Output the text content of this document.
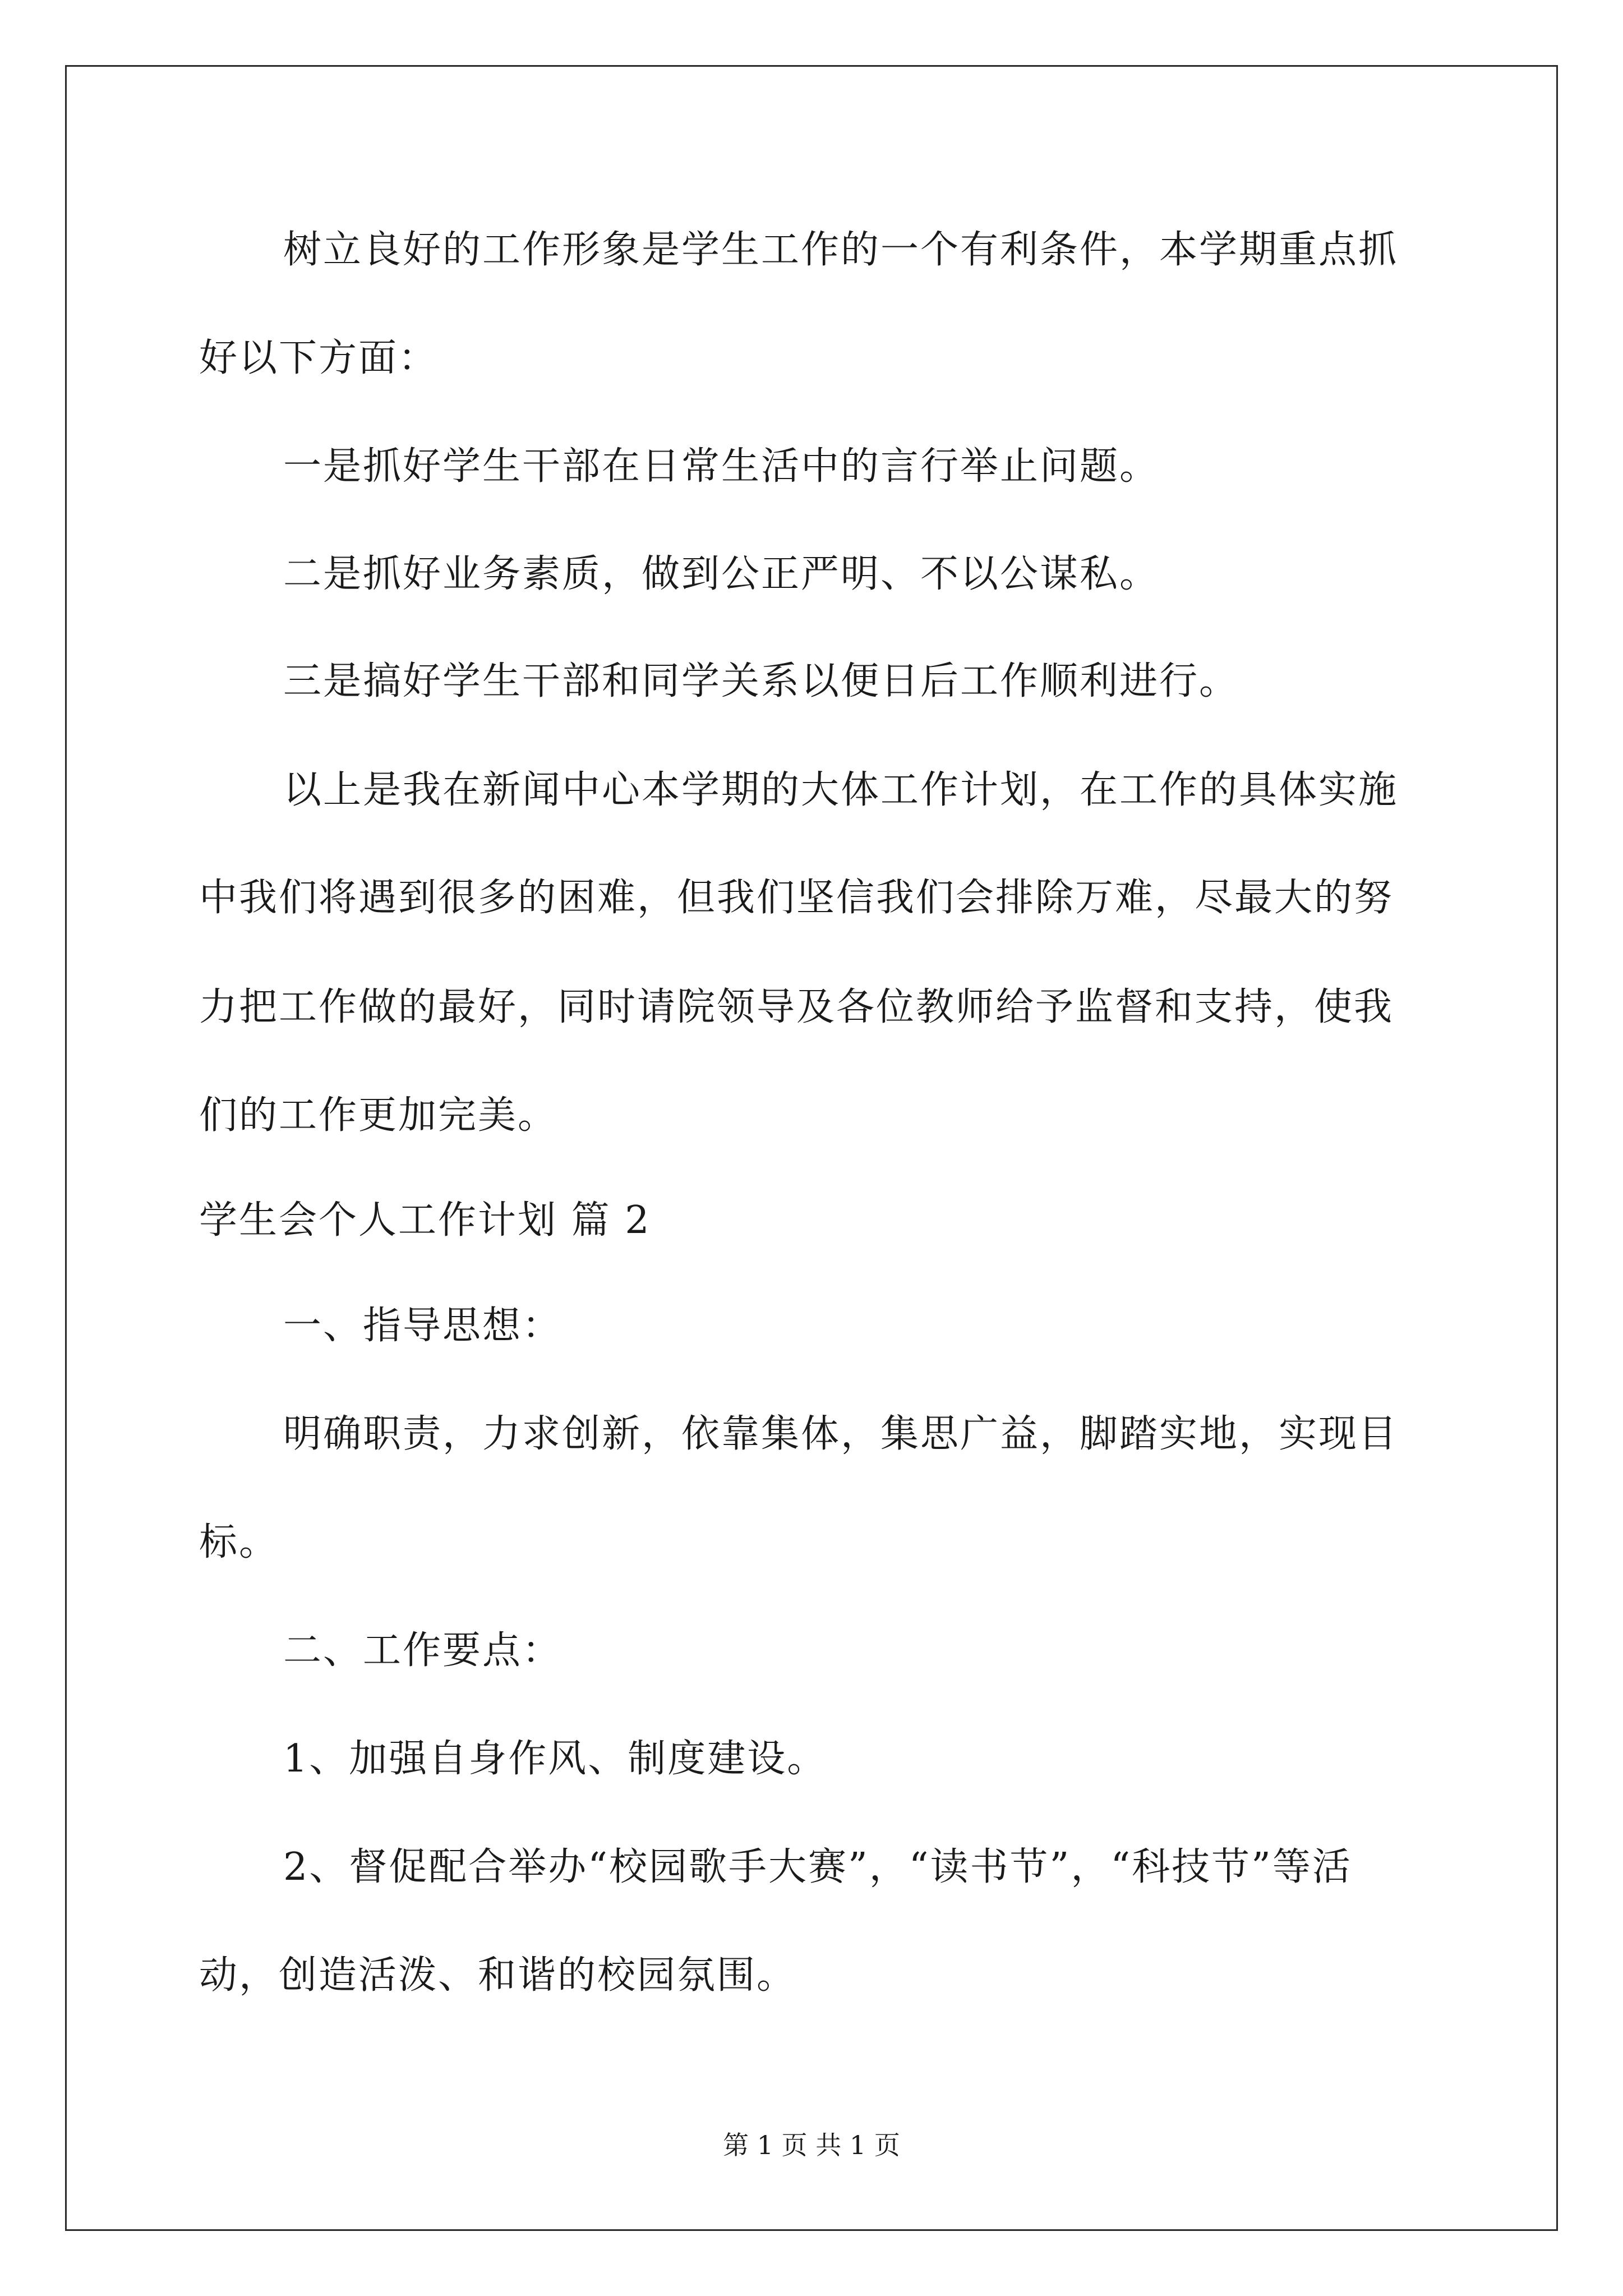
树立良好的工作形象是学生工作的一个有利条件，本学期重点抓
好以下方面：
一是抓好学生干部在日常生活中的言行举止问题。
二是抓好业务素质，做到公正严明、不以公谋私。
三是搞好学生干部和同学关系以便日后工作顺利进行。
以上是我在新闻中心本学期的大体工作计划，在工作的具体实施
中我们将遇到很多的困难，但我们坚信我们会排除万难，尽最大的努
力把工作做的最好，同时请院领导及各位教师给予监督和支持，使我
们的工作更加完美。
学生会个人工作计划 篇 2
一、指导思想：
明确职责，力求创新，依靠集体，集思广益，脚踏实地，实现目
标。
二、工作要点：
1、加强自身作风、制度建设。
2、督促配合举办“校园歌手大赛”，“读书节”，“科技节”等活
动，创造活泼、和谐的校园氛围。
第 1 页 共 1 页
